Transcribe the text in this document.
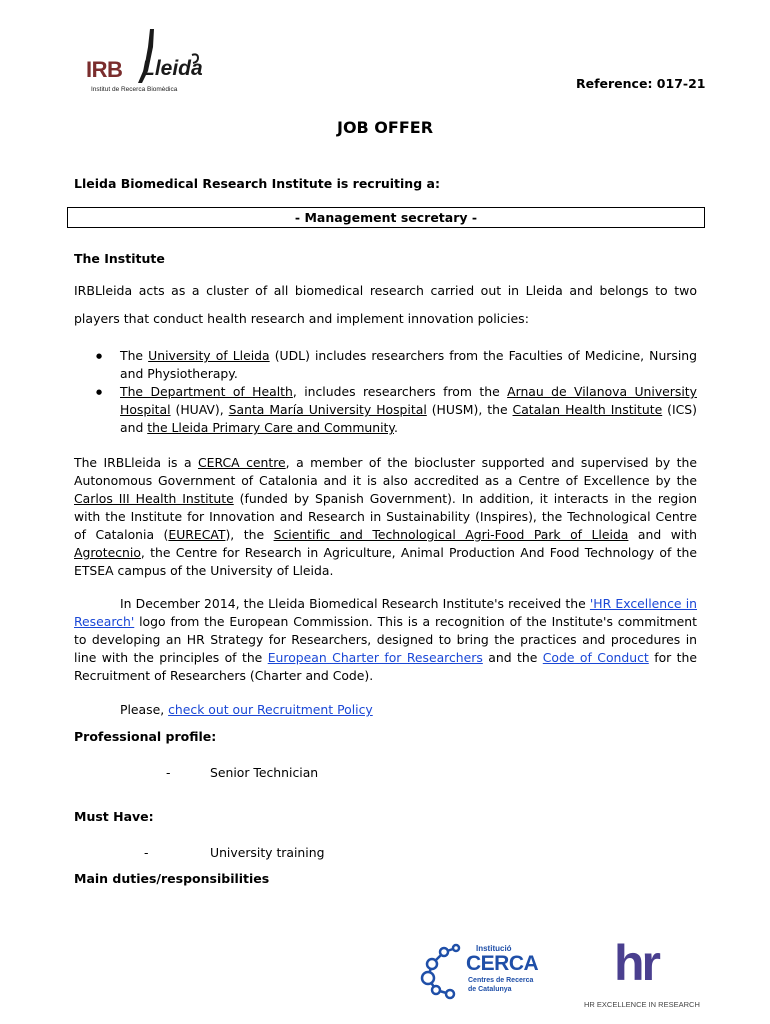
IRB Lleida
Institut de Recerca Biomèdica	Reference: 017-21
JOB OFFER
Lleida Biomedical Research Institute is recruiting a:
- Management secretary -
The Institute
IRBLleida acts as a cluster of all biomedical research carried out in Lleida and belongs to two players that conduct health research and implement innovation policies:
● The University of Lleida (UDL) includes researchers from the Faculties of Medicine, Nursing and Physiotherapy.
● The Department of Health, includes researchers from the Arnau de Vilanova University Hospital (HUAV), Santa María University Hospital (HUSM), the Catalan Health Institute (ICS) and the Lleida Primary Care and Community.
The IRBLleida is a CERCA centre, a member of the biocluster supported and supervised by the Autonomous Government of Catalonia and it is also accredited as a Centre of Excellence by the Carlos III Health Institute (funded by Spanish Government). In addition, it interacts in the region with the Institute for Innovation and Research in Sustainability (Inspires), the Technological Centre of Catalonia (EURECAT), the Scientific and Technological Agri-Food Park of Lleida and with Agrotecnio, the Centre for Research in Agriculture, Animal Production And Food Technology of the ETSEA campus of the University of Lleida.
In December 2014, the Lleida Biomedical Research Institute's received the 'HR Excellence in Research' logo from the European Commission. This is a recognition of the Institute's commitment to developing an HR Strategy for Researchers, designed to bring the practices and procedures in line with the principles of the European Charter for Researchers and the Code of Conduct for the Recruitment of Researchers (Charter and Code).
Please, check out our Recruitment Policy
Professional profile:
-	Senior Technician
Must Have:
-	University training
Main duties/responsibilities
Institució
CERCA
Centres de Recerca
de Catalunya hr
HR EXCELLENCE IN RESEARCH
